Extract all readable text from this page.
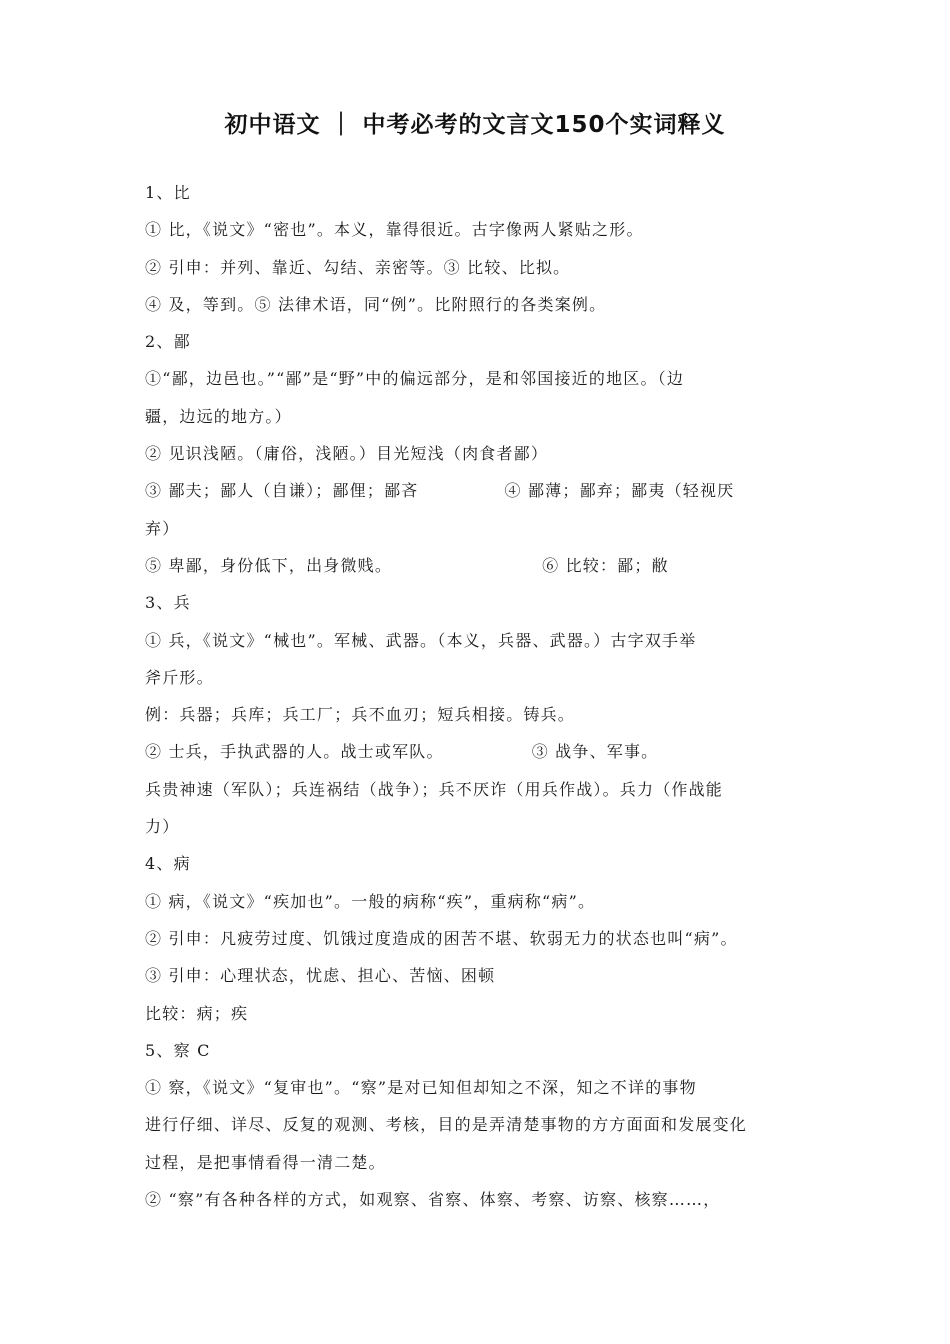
初中语文 ｜ 中考必考的文言文150个实词释义
1、比
① 比，《说文》“密也”。本义，靠得很近。古字像两人紧贴之形。
② 引申：并列、靠近、勾结、亲密等。③ 比较、比拟。
④ 及，等到。⑤ 法律术语，同“例”。比附照行的各类案例。
2、鄙
①“鄙，边邑也。”“鄙”是“野”中的偏远部分，是和邻国接近的地区。（边
疆，边远的地方。）
② 见识浅陋。（庸俗，浅陋。）目光短浅（肉食者鄙）
③ 鄙夫；鄙人（自谦）；鄙俚；鄙吝	④ 鄙薄；鄙弃；鄙夷（轻视厌
弃）
⑤ 卑鄙，身份低下，出身微贱。	⑥ 比较：鄙；敝
3、兵
① 兵，《说文》“械也”。军械、武器。（本义，兵器、武器。）古字双手举
斧斤形。
例：兵器；兵库；兵工厂；兵不血刃；短兵相接。铸兵。
② 士兵，手执武器的人。战士或军队。	③ 战争、军事。
兵贵神速（军队）；兵连祸结（战争）；兵不厌诈（用兵作战）。兵力（作战能
力）
4、病
① 病，《说文》“疾加也”。一般的病称“疾”，重病称“病”。
② 引申：凡疲劳过度、饥饿过度造成的困苦不堪、软弱无力的状态也叫“病”。
③ 引申：心理状态，忧虑、担心、苦恼、困顿
比较：病；疾
5、察 C
① 察，《说文》“复审也”。“察”是对已知但却知之不深，知之不详的事物
进行仔细、详尽、反复的观测、考核，目的是弄清楚事物的方方面面和发展变化
过程，是把事情看得一清二楚。
② “察”有各种各样的方式，如观察、省察、体察、考察、访察、核察……，
